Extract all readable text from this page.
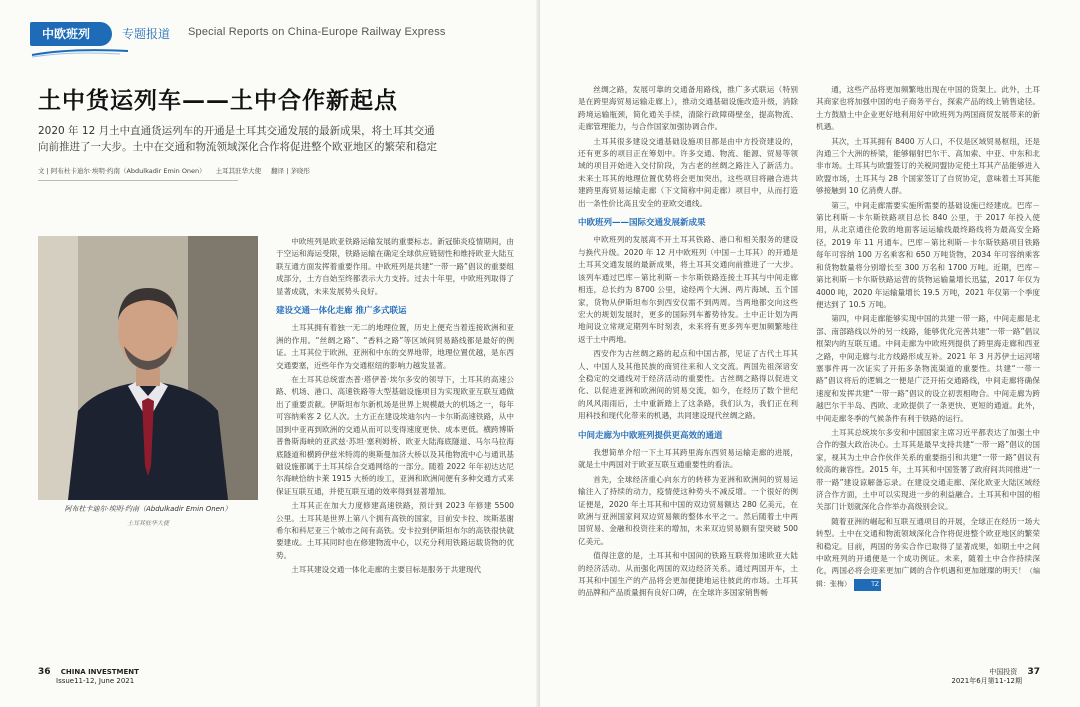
中欧班列	专题报道 Special Reports on China-Europe Railway Express
土中货运列车——土中合作新起点

2020 年 12 月土中直通货运列车的开通是土耳其交通发展的最新成果，将土耳其交通向前推进了一大步。土中在交通和物流领域深化合作将促进整个欧亚地区的繁荣和稳定

文 | 阿布杜卡迪尔·埃明·约南（Abdulkadir Emin Onen） 土耳其驻华大使 翻译 | 茅晓彤
阿布杜卡迪尔·埃明·约南（Abdulkadir Emin Onen）
土耳其驻华大使

中欧班列是欧亚铁路运输发展的重要标志。新冠肺炎疫情期间，由于空运和海运受限，铁路运输在确定全球供应链韧性和维持欧亚大陆互联互通方面发挥着重要作用。中欧班列是共建“一带一路”倡议的重要组成部分，土方自始至终都表示大力支持。过去十年里，中欧班列取得了显著成就，未来发展势头良好。

建设交通一体化走廊 推广多式联运

土耳其拥有着独一无二的地理位置，历史上便充当着连接欧洲和亚洲的作用。“丝绸之路”、“香料之路”等区域间贸易路线都是最好的例证。土耳其位于欧洲、亚洲和中东的交界地带，地理位置优越，是东西交通要塞，近些年作为交通枢纽的影响力越发显著。

在土耳其总统雷杰普·塔伊普·埃尔多安的领导下，土耳其的高速公路、机场、港口、高速铁路等大型基础设施项目为实现欧亚互联互通做出了重要贡献。伊斯坦布尔新机场是世界上规模最大的机场之一，每年可容纳乘客 2 亿人次。土方正在建设埃迪尔内－卡尔斯高速铁路，从中国到中亚再到欧洲的交通从而可以变得速度更快、成本更低。横跨博斯普鲁斯海峡的亚武兹·苏坦·塞利姆桥、欧亚大陆海底隧道、马尔马拉海底隧道和横跨伊兹米特湾的奥斯曼加济大桥以及其他物流中心与通讯基础设施都属于土耳其综合交通网络的一部分。随着 2022 年年初达达尼尔海峡恰纳卡莱 1915 大桥的竣工，亚洲和欧洲间便有多种交通方式来保证互联互通，并使互联互通的效率得到显著增加。

土耳其正在加大力度修建高速铁路，预计到 2023 年修建 5500 公里。土耳其是世界上第八个拥有高铁的国家，目前安卡拉、埃斯基谢希尔和科尼亚三个城市之间有高铁。安卡拉到伊斯坦布尔的高铁很快就要建成。土耳其同时也在修建物流中心，以充分利用铁路运载货物的优势。

土耳其建设交通一体化走廊的主要目标是服务于共建现代

36 CHINA INVESTMENT
Issue11-12, June 2021

丝绸之路，发展可靠的交通备用路线，推广多式联运（特别是在跨里海贸易运输走廊上），推动交通基础设施改造升级，消除跨境运输瓶颈，简化通关手续，清除行政障碍壁垒，提高物流、走廊管理能力，与合作国家加强协调合作。

土耳其很多建设交通基础设施项目都是由中方投资建设的，还有更多的项目正在筹划中。许多交通、物流、能源、贸易等领域的项目开始进入交付阶段，为古老的丝绸之路注入了新活力。未来土耳其的地理位置优势将会更加突出，这些项目将融合进共建跨里海贸易运输走廊（下文简称中间走廊）项目中，从而打造出一条性价比高且安全的亚欧交通线。

中欧班列——国际交通发展新成果

中欧班列的发展离不开土耳其铁路、港口和相关服务的建设与换代升级。2020 年 12 月中欧班列（中国－土耳其）的开通是土耳其交通发展的最新成果，将土耳其交通向前推进了一大步。该列车通过巴库－第比利斯－卡尔斯铁路连接土耳其与中间走廊相连，总长约为 8700 公里，途经两个大洲、两片海域、五个国家，货物从伊斯坦布尔到西安仅需不到两周。当两地都交向这些宏大的规划发展时，更多的国际列车蓄势待发。土中正计划为两地间设立常规定期列车时刻表，未来将有更多列车更加频繁地往返于土中两地。

西安作为古丝绸之路的起点和中国古都，见证了古代土耳其人、中国人及其他民族的商贸往来和人文交流。两国先祖深谙安全稳定的交通线对于经济活动的重要性。古丝绸之路得以促进文化、以促进亚洲和欧洲间的贸易交流，如今，在经历了数个世纪的风风雨雨后，土中重新踏上了这条路，我们认为，我们正在利用科技和现代化带来的机遇，共同建设现代丝绸之路。

中间走廊为中欧班列提供更高效的通道

我想简单介绍一下土耳其跨里海东西贸易运输走廊的进展，就是土中两国对于欧亚互联互通重要性的看法。

首先，全球经济重心向东方的转移为亚洲和欧洲间的贸易运输注入了持续的动力，疫情使这种势头不减反增。一个很好的例证便是，2020 年土耳其和中国的双边贸易额达 280 亿美元，在欧洲与亚洲国家间双边贸易额的整体水平之一。然后随着土中两国贸易、金融和投资往来的增加，未来双边贸易额有望突破 500 亿美元。

值得注意的是，土耳其和中国间的铁路互联将加速欧亚大陆的经济活动。从而强化两国的双边经济关系。通过两国开车，土耳其和中国生产的产品将会更加便捷地运往彼此的市场。土耳其的品牌和产品质量拥有良好口碑，在全球许多国家销售畅

通，这些产品将更加频繁地出现在中国的货架上。此外，土耳其商家也将加强中国的电子商务平台，探索产品的线上销售途径。土方鼓励土中企业更好地利用好中欧班列为两国商贸发展带来的新机遇。

其次，土耳其拥有 8400 万人口，不仅是区域贸易枢纽，还是沟通三个大洲的桥梁，能够辐射巴尔干、高加索、中亚、中东和北非市场。土耳其与欧盟签订的关税同盟协定使土耳其产品能够进入欧盟市场，土耳其与 28 个国家签订了自贸协定，意味着土耳其能够接触到 10 亿消费人群。

第三，中间走廊需要实施所需要的基础设施已经建成。巴库－第比利斯－卡尔斯铁路项目总长 840 公里，于 2017 年投入使用，从北京通往伦敦的地面客运运输线最终路线将为最高安全路径，2019 年 11 月通车。巴库－第比利斯－卡尔斯铁路项目铁路每年可容纳 100 万名乘客和 650 万吨货物，2034 年可容纳乘客和货物数量将分别增长至 300 万名和 1700 万吨。近期，巴库－第比利斯－卡尔斯铁路运营的货物运输量增长迅猛，2017 年仅为 4000 吨，2020 年运输量增长 19.5 万吨，2021 年仅第一个季度便达到了 10.5 万吨。

第四，中间走廊能够实现中国的共建一带一路，中间走廊是北部、南部路线以外的另一线路，能够优化完善共建“一带一路”倡议框架内的互联互通。中间走廊为中欧班列提供了跨里海走廊和西亚之路，中间走廊与北方线路形成互补。2021 年 3 月苏伊士运河堵塞事件再一次证实了开拓多条物流渠道的重要性。共建“一带一路”倡议将后的逻辑之一便是广泛开拓交通路线，中间走廊将确保速度和发挥共建“一带一路”倡议的设立初衷相吻合。中间走廊为跨越巴尔干半岛、西欧、北欧提供了一条更快、更短的通道。此外，中间走廊冬季的气候条件有利于铁路的运行。

土耳其总统埃尔多安和中国国家主席习近平都表达了加强土中合作的强大政治决心。土耳其是最早支持共建“一带一路”倡议的国家，视其为土中合作伙伴关系的重要指引和共建“一带一路”倡议有较高的兼容性。2015 年，土耳其和中国签署了政府间共同推进“一带一路”建设谅解备忘录。在建设交通走廊、深化欧亚大陆区域经济合作方面，土中可以实现进一步的利益融合。土耳其和中国的相关部门计划就深化合作举办高级别会议。

随着亚洲的崛起和互联互通项目的开展，全球正在经历一场大转型。土中在交通和物流领域深化合作将促进整个欧亚地区的繁荣和稳定。目前，两国的务实合作已取得了显著成果，如期土中之间中欧班列的开通便是一个成功例证。未来，随着土中合作持续深化，两国必将会迎来更加广阔的合作机遇和更加璀璨的明天！（编辑：张梅）	TZ

中国投资 37
2021年6月第11-12期
